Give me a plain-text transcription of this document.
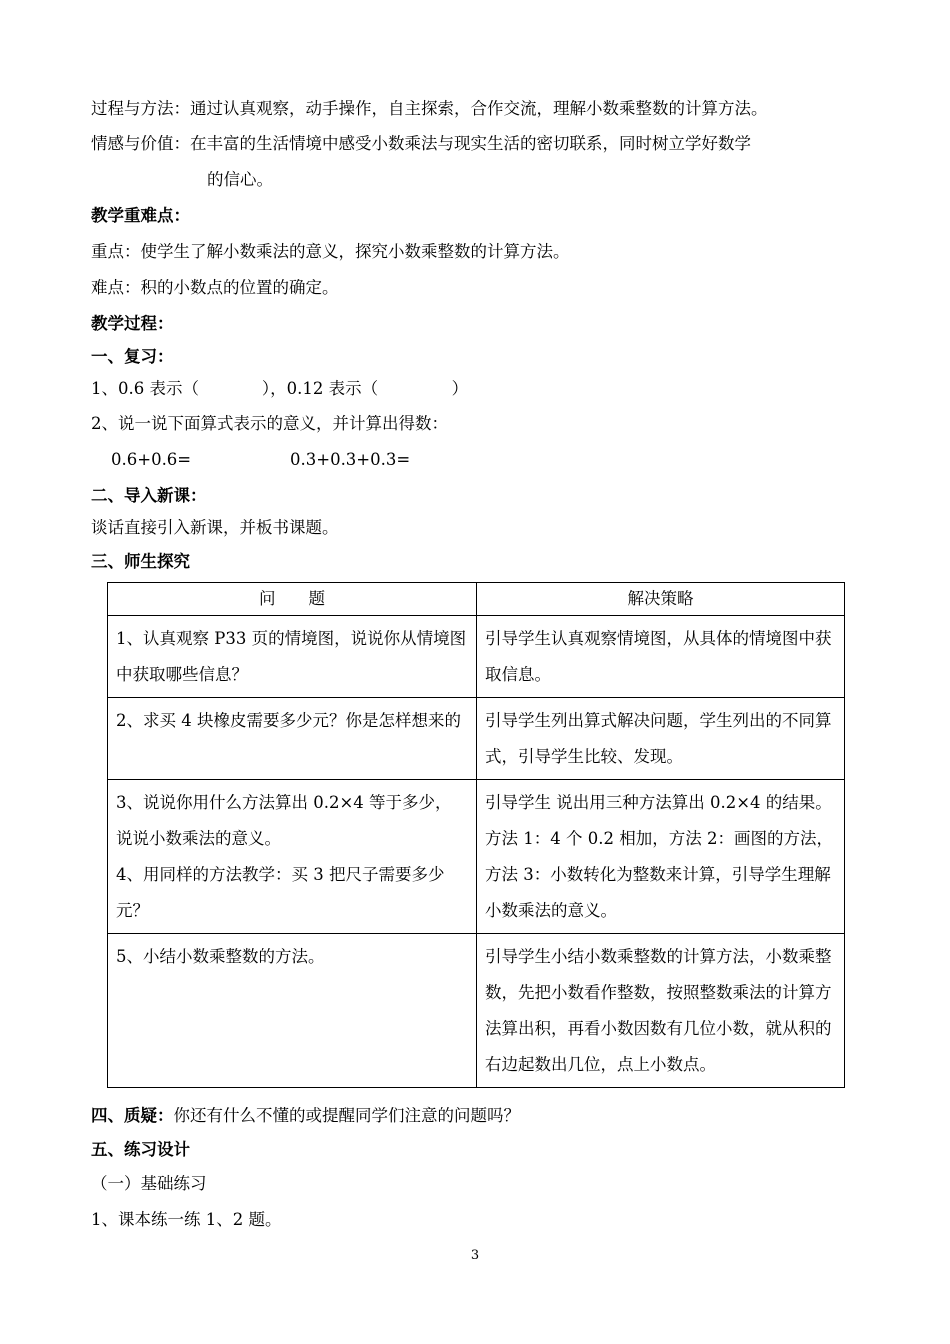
过程与方法：通过认真观察，动手操作，自主探索，合作交流，理解小数乘整数的计算方法。
情感与价值：在丰富的生活情境中感受小数乘法与现实生活的密切联系，同时树立学好数学
的信心。
教学重难点：
重点：使学生了解小数乘法的意义，探究小数乘整数的计算方法。
难点：积的小数点的位置的确定。
教学过程：
一、复习：
1、0.6 表示（            ），0.12 表示（              ）
2、说一说下面算式表示的意义，并计算出得数：
0.6+0.6=	0.3+0.3+0.3=
二、导入新课：
谈话直接引入新课，并板书课题。
三、师生探究
问　　题	解决策略
1、认真观察 P33 页的情境图，说说你从情境图中获取哪些信息？	引导学生认真观察情境图，从具体的情境图中获取信息。
2、求买 4 块橡皮需要多少元？你是怎样想来的	引导学生列出算式解决问题，学生列出的不同算式，引导学生比较、发现。

3、说说你用什么方法算出 0.2×4 等于多少，说说小数乘法的意义。
4、用同样的方法教学：买 3 把尺子需要多少元？	引导学生 说出用三种方法算出 0.2×4 的结果。方法 1：4 个 0.2 相加，方法 2：画图的方法，方法 3：小数转化为整数来计算，引导学生理解小数乘法的意义。
5、小结小数乘整数的方法。	引导学生小结小数乘整数的计算方法，小数乘整数，先把小数看作整数，按照整数乘法的计算方法算出积，再看小数因数有几位小数，就从积的右边起数出几位，点上小数点。
四、质疑：你还有什么不懂的或提醒同学们注意的问题吗？
五、练习设计
（一）基础练习
1、课本练一练 1、2 题。
3
